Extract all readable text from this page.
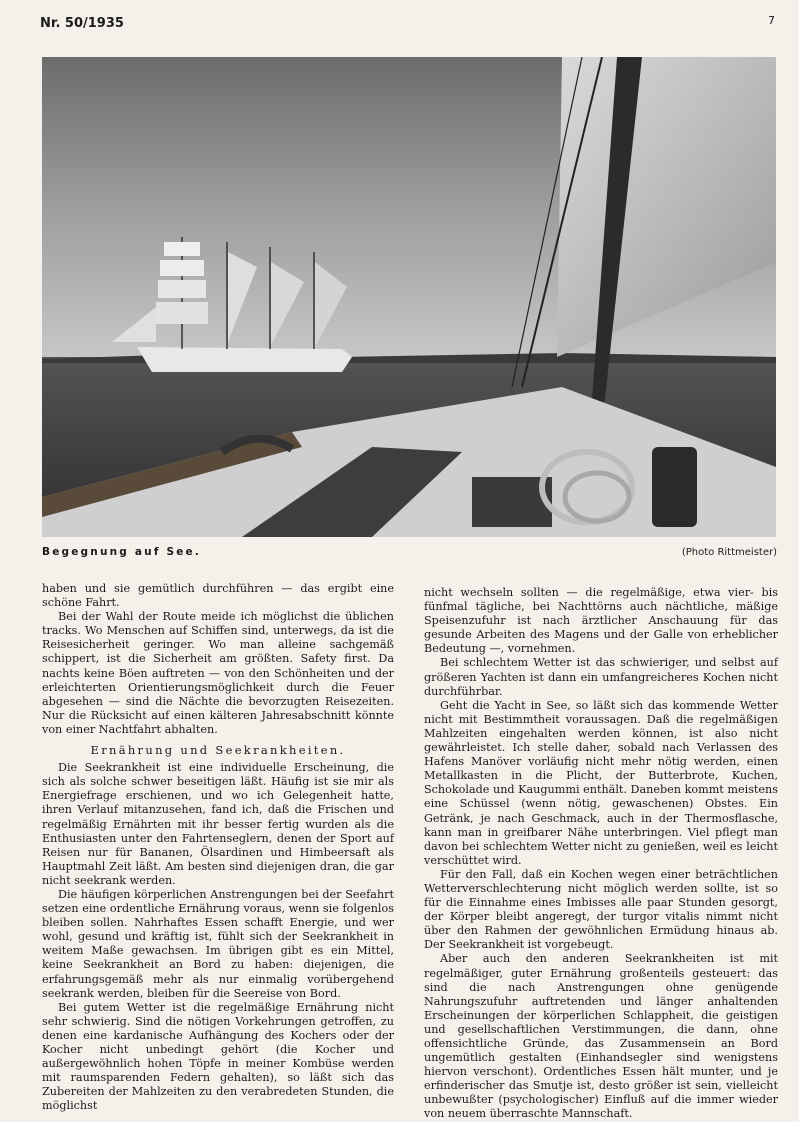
Nr. 50/1935	7
Begegnung auf See.	(Photo Rittmeister)

haben und sie gemütlich durchführen — das ergibt eine schöne Fahrt.

Bei der Wahl der Route meide ich möglichst die üblichen tracks. Wo Menschen auf Schiffen sind, unterwegs, da ist die Reisesicherheit geringer. Wo man alleine sachgemäß schippert, ist die Sicherheit am größten. Safety first. Da nachts keine Böen auftreten — von den Schönheiten und der erleichterten Orientierungsmöglichkeit durch die Feuer abgesehen — sind die Nächte die bevorzugten Reisezeiten. Nur die Rücksicht auf einen kälteren Jahresabschnitt könnte von einer Nachtfahrt abhalten.

Ernährung und Seekrankheiten.

Die Seekrankheit ist eine individuelle Erscheinung, die sich als solche schwer beseitigen läßt. Häufig ist sie mir als Energiefrage erschienen, und wo ich Gelegenheit hatte, ihren Verlauf mitanzusehen, fand ich, daß die Frischen und regelmäßig Ernährten mit ihr besser fertig wurden als die Enthusiasten unter den Fahrtenseglern, denen der Sport auf Reisen nur für Bananen, Ölsardinen und Himbeersaft als Hauptmahl Zeit läßt. Am besten sind diejenigen dran, die gar nicht seekrank werden.

Die häufigen körperlichen Anstrengungen bei der Seefahrt setzen eine ordentliche Ernährung voraus, wenn sie folgenlos bleiben sollen. Nahrhaftes Essen schafft Energie, und wer wohl, gesund und kräftig ist, fühlt sich der Seekrankheit in weitem Maße gewachsen. Im übrigen gibt es ein Mittel, keine Seekrankheit an Bord zu haben: diejenigen, die erfahrungsgemäß mehr als nur einmalig vorübergehend seekrank werden, bleiben für die Seereise von Bord.

Bei gutem Wetter ist die regelmäßige Ernährung nicht sehr schwierig. Sind die nötigen Vorkehrungen getroffen, zu denen eine kardanische Aufhängung des Kochers oder der Kocher nicht unbedingt gehört (die Kocher und außergewöhnlich hohen Töpfe in meiner Kombüse werden mit raumsparenden Federn gehalten), so läßt sich das Zubereiten der Mahlzeiten zu den verabredeten Stunden, die möglichst

nicht wechseln sollten — die regelmäßige, etwa vier- bis fünfmal tägliche, bei Nachttörns auch nächtliche, mäßige Speisenzufuhr ist nach ärztlicher Anschauung für das gesunde Arbeiten des Magens und der Galle von erheblicher Bedeutung —, vornehmen.

Bei schlechtem Wetter ist das schwieriger, und selbst auf größeren Yachten ist dann ein umfangreicheres Kochen nicht durchführbar.

Geht die Yacht in See, so läßt sich das kommende Wetter nicht mit Bestimmtheit voraussagen. Daß die regelmäßigen Mahlzeiten eingehalten werden können, ist also nicht gewährleistet. Ich stelle daher, sobald nach Verlassen des Hafens Manöver vorläufig nicht mehr nötig werden, einen Metallkasten in die Plicht, der Butterbrote, Kuchen, Schokolade und Kaugummi enthält. Daneben kommt meistens eine Schüssel (wenn nötig, gewaschenen) Obstes. Ein Getränk, je nach Geschmack, auch in der Thermosflasche, kann man in greifbarer Nähe unterbringen. Viel pflegt man davon bei schlechtem Wetter nicht zu genießen, weil es leicht verschüttet wird.

Für den Fall, daß ein Kochen wegen einer beträchtlichen Wetterverschlechterung nicht möglich werden sollte, ist so für die Einnahme eines Imbisses alle paar Stunden gesorgt, der Körper bleibt angeregt, der turgor vitalis nimmt nicht über den Rahmen der gewöhnlichen Ermüdung hinaus ab. Der Seekrankheit ist vorgebeugt.

Aber auch den anderen Seekrankheiten ist mit regelmäßiger, guter Ernährung großenteils gesteuert: das sind die nach Anstrengungen ohne genügende Nahrungszufuhr auftretenden und länger anhaltenden Erscheinungen der körperlichen Schlappheit, die geistigen und gesellschaftlichen Verstimmungen, die dann, ohne offensichtliche Gründe, das Zusammensein an Bord ungemütlich gestalten (Einhandsegler sind wenigstens hiervon verschont). Ordentliches Essen hält munter, und je erfinderischer das Smutje ist, desto größer ist sein, vielleicht unbewußter (psychologischer) Einfluß auf die immer wieder von neuem überraschte Mannschaft.
